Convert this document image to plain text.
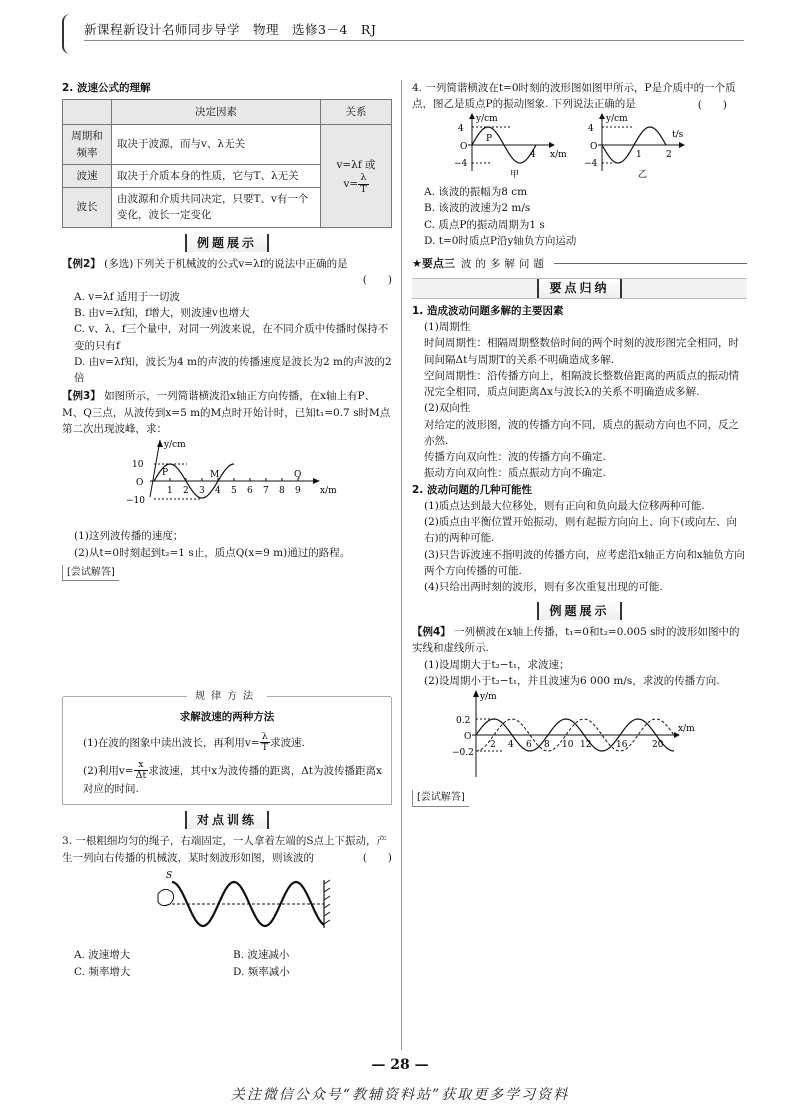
新课程新设计名师同步导学　物理　选修3－4　RJ

2. 波速公式的理解

	决定因素	关系
周期和频率	取决于波源，而与v、λ无关	v=λf 或
$v= \frac{\lambda}{T}$

波速	取决于介质本身的性质，它与T、λ无关	
波长	由波源和介质共同决定，只要T、v有一个变化，波长一定变化	
例题展示

【例2】 (多选)下列关于机械波的公式v=λf的说法中正确的是

(　　)

A. v=λf 适用于一切波

B. 由v=λf知，f增大，则波速v也增大

C. v、λ、f三个量中，对同一列波来说，在不同介质中传播时保持不变的只有f

D. 由v=λf知，波长为4 m的声波的传播速度是波长为2 m的声波的2倍

【例3】 如图所示，一列简谐横波沿x轴正方向传播，在x轴上有P、M、Q三点，从波传到x=5 m的M点时开始计时，已知t₁=0.7 s时M点第二次出现波峰，求：

y/cm
x/m
10
−10
O
1 2 3 4 5 6 7 8 9
P	M	Q

(1)这列波传播的速度；

(2)从t=0时刻起到t₂=1 s止，质点Q(x=9 m)通过的路程。

[尝试解答]
规律方法

求解波速的两种方法

(1)在波的图象中读出波长，再利用$v= \frac{\lambda}{T}$ 求波速.

(2)利用$v= \frac{x}{\Delta t}$ 求波速，其中x为波传播的距离，Δt为波传播距离x对应的时间.

对点训练

3. 一根粗细均匀的绳子，右端固定，一人拿着左端的S点上下振动，产生一列向右传播的机械波，某时刻波形如图，则该波的	(　　)

S

A. 波速增大	B. 波速减小

C. 频率增大	D. 频率减小

4. 一列简谐横波在t=0时刻的波形图如图甲所示，P是介质中的一个质点，图乙是质点P的振动图象. 下列说法正确的是	(　　)

y/cm
4
−4
O
P
4 x/m
甲
y/cm
4
−4
O
1	2
t/s
乙

A. 该波的振幅为8 cm

B. 该波的波速为2 m/s

C. 质点P的振动周期为1 s

D. t=0时质点P沿y轴负方向运动

★要点三 波的多解问题
要点归纳

1. 造成波动问题多解的主要因素

(1)周期性

时间周期性：相隔周期整数倍时间的两个时刻的波形图完全相同，时间间隔Δt与周期T的关系不明确造成多解.

空间周期性：沿传播方向上，相隔波长整数倍距离的两质点的振动情况完全相同，质点间距离Δx与波长λ的关系不明确造成多解.

(2)双向性

对给定的波形图，波的传播方向不同，质点的振动方向也不同，反之亦然.

传播方向双向性：波的传播方向不确定.

振动方向双向性：质点振动方向不确定.

2. 波动问题的几种可能性

(1)质点达到最大位移处，则有正向和负向最大位移两种可能.

(2)质点由平衡位置开始振动，则有起振方向向上、向下(或向左、向右)的两种可能.

(3)只告诉波速不指明波的传播方向，应考虑沿x轴正方向和x轴负方向两个方向传播的可能.

(4)只给出两时刻的波形，则有多次重复出现的可能.

例题展示

【例4】 一列横波在x轴上传播，t₁=0和t₂=0.005 s时的波形如图中的实线和虚线所示.

(1)设周期大于t₂−t₁，求波速；

(2)设周期小于t₂−t₁，并且波速为6 000 m/s，求波的传播方向.

y/m
x/m
0.2
−0.2
O
2 4 6 8 10 12	16	20
[尝试解答]
— 28 —
关注微信公众号“教辅资料站”获取更多学习资料
